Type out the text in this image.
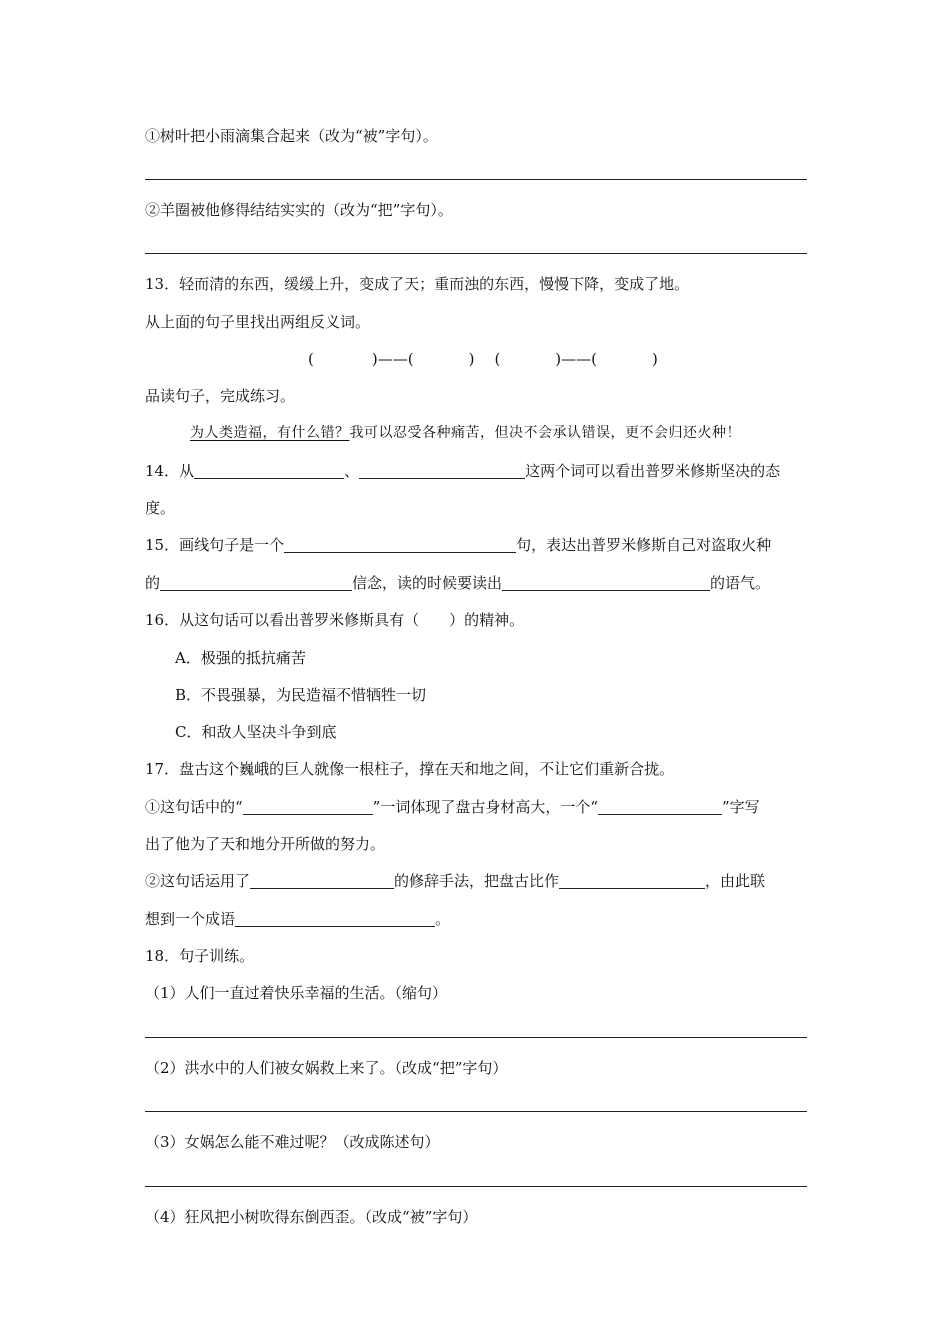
①树叶把小雨滴集合起来（改为“被”字句）。
②羊圈被他修得结结实实的（改为“把”字句）。
13．轻而清的东西，缓缓上升，变成了天；重而浊的东西，慢慢下降，变成了地。
从上面的句子里找出两组反义词。
(	)——(	) (	)——(	)
品读句子，完成练习。
为人类造福，有什么错？我可以忍受各种痛苦，但决不会承认错误，更不会归还火种！
14．从	、	这两个词可以看出普罗米修斯坚决的态
度。
15．画线句子是一个	句，表达出普罗米修斯自己对盗取火种
的	信念，读的时候要读出	的语气。
16．从这句话可以看出普罗米修斯具有（　　）的精神。
A．极强的抵抗痛苦
B．不畏强暴，为民造福不惜牺牲一切
C．和敌人坚决斗争到底
17．盘古这个巍峨的巨人就像一根柱子，撑在天和地之间，不让它们重新合拢。
①这句话中的“	”一词体现了盘古身材高大，一个“	”字写
出了他为了天和地分开所做的努力。
②这句话运用了	的修辞手法，把盘古比作	，由此联
想到一个成语	。
18．句子训练。
（1）人们一直过着快乐幸福的生活。（缩句）
（2）洪水中的人们被女娲救上来了。（改成“把”字句）
（3）女娲怎么能不难过呢？（改成陈述句）
（4）狂风把小树吹得东倒西歪。（改成“被”字句）
